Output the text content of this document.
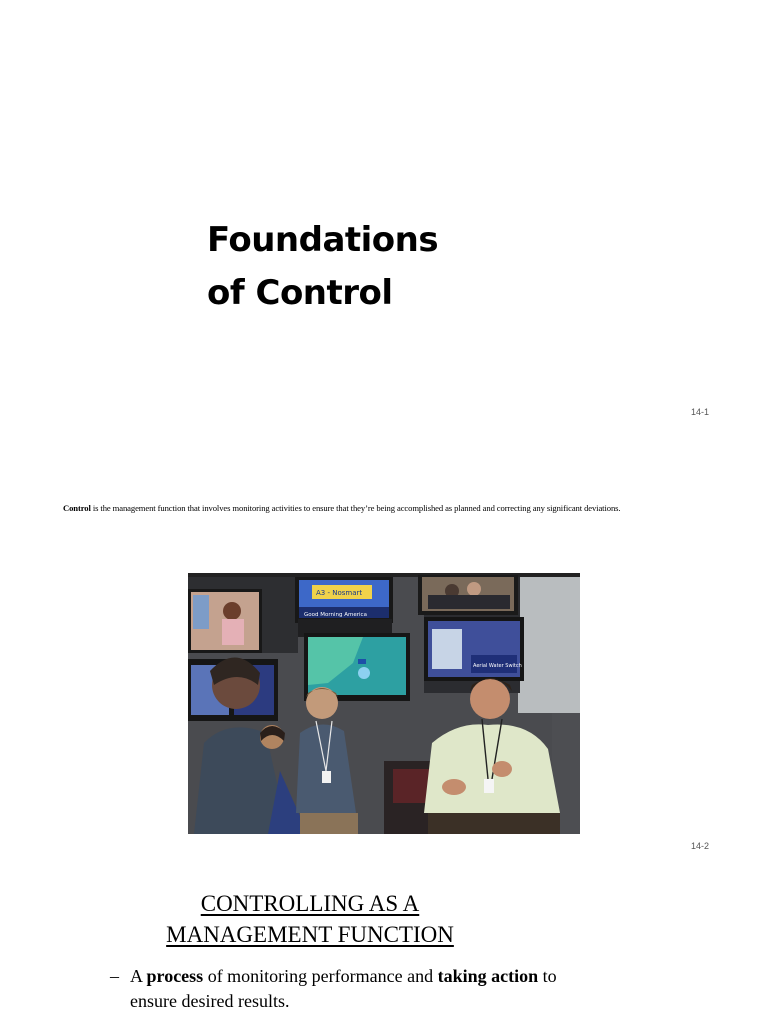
Foundations
of Control
14-1
Control is the management function that involves monitoring activities to ensure that they’re being accomplished as planned and correcting any significant deviations.
A3 - Nosmart
Good Morning America
Aerial Water Switch
14-2
CONTROLLING AS A
MANAGEMENT FUNCTION
– A process of monitoring performance and taking action to
ensure desired results.
